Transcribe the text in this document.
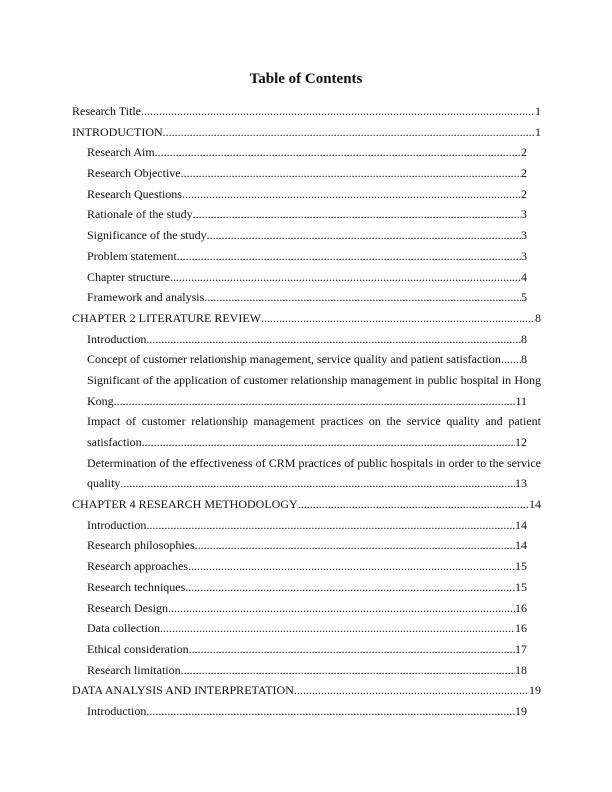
Table of Contents
Research Title .....	1
INTRODUCTION .....	1
Research Aim .....	2
Research Objective .....	2
Research Questions .....	2
Rationale of the study .....	3
Significance of the study .....	3
Problem statement .....	3
Chapter structure .....	4
Framework and analysis .....	5
CHAPTER 2 LITERATURE REVIEW .....	8
Introduction .....	8
Concept of customer relationship management, service quality and patient satisfaction ..... 8
Significant of the application of customer relationship management in public hospital in Hong
Kong .....	11
Impact of customer relationship management practices on the service quality and patient
satisfaction .....	12
Determination of the effectiveness of CRM practices of public hospitals in order to the service
quality .....	13
CHAPTER 4 RESEARCH METHODOLOGY .....	14
Introduction .....	14
Research philosophies .....	14
Research approaches .....	15
Research techniques .....	15
Research Design .....	16
Data collection .....	16
Ethical consideration .....	17
Research limitation .....	18
DATA ANALYSIS AND INTERPRETATION .....	19
Introduction .....	19
